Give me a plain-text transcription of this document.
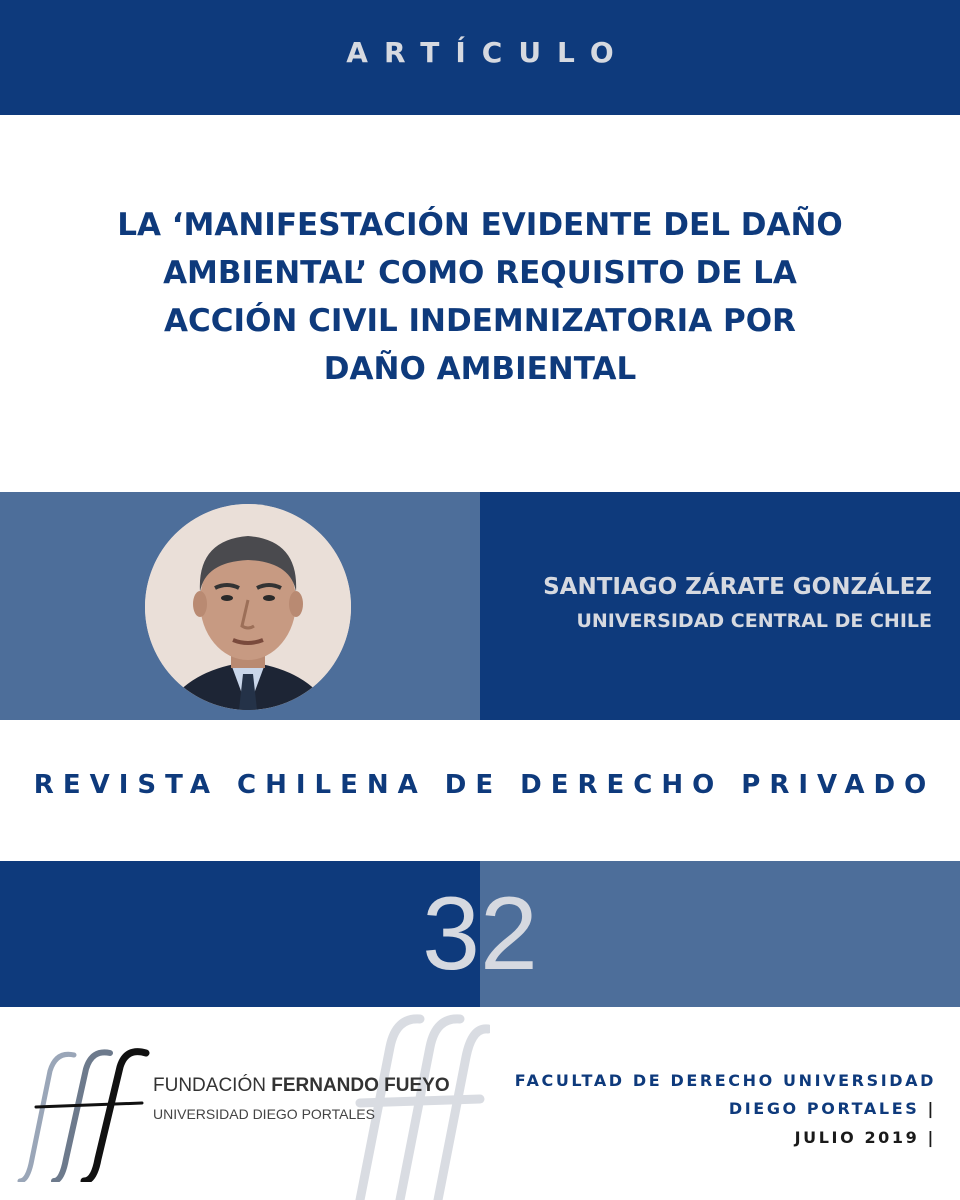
ARTÍCULO
LA ‘MANIFESTACIÓN EVIDENTE DEL DAÑO
AMBIENTAL’ COMO REQUISITO DE LA
ACCIÓN CIVIL INDEMNIZATORIA POR
DAÑO AMBIENTAL
SANTIAGO ZÁRATE GONZÁLEZ
UNIVERSIDAD CENTRAL DE CHILE
REVISTA CHILENA DE DERECHO PRIVADO
32
FUNDACIÓN FERNANDO FUEYO
UNIVERSIDAD DIEGO PORTALES
FACULTAD DE DERECHO UNIVERSIDAD
DIEGO PORTALES |
JULIO 2019 |
